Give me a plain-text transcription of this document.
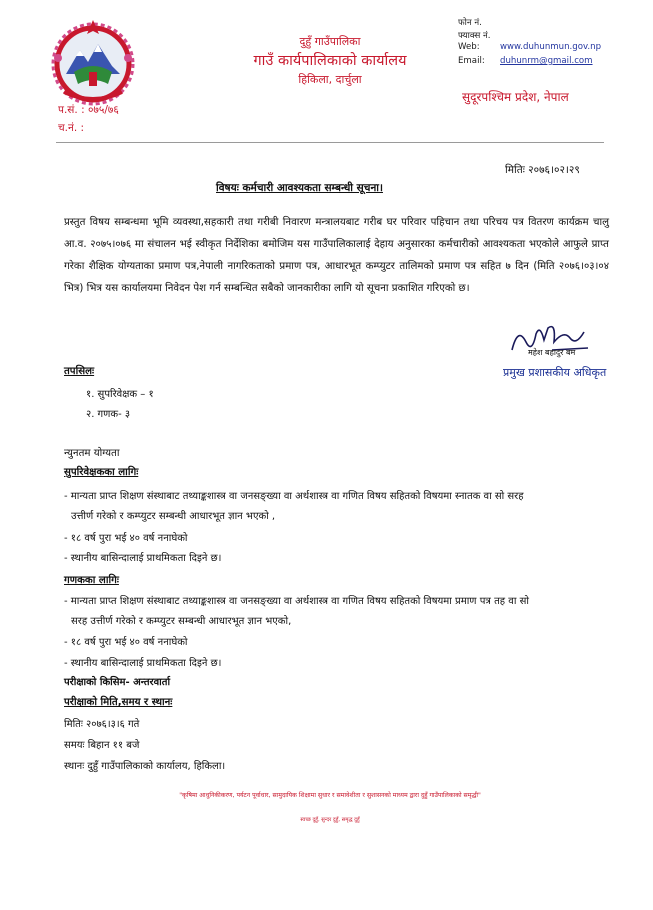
दुहुँ गाउँपालिका
गाउँ कार्यपालिकाको कार्यालय
हिकिला, दार्चुला
फोन नं.
फ्याक्स नं.
Web: www.duhunmun.gov.np
Email: duhunrm@gmail.com
सुदूरपश्चिम प्रदेश, नेपाल
प.सं. : ०७५/७६
च.नं. :
मितिः २०७६।०२।२९
विषयः कर्मचारी आवश्यकता सम्बन्धी सूचना।
प्रस्तुत विषय सम्बन्धमा भूमि व्यवस्था,सहकारी तथा गरीबी निवारण मन्त्रालयबाट गरीब घर परिवार पहिचान तथा परिचय पत्र वितरण कार्यक्रम चालु आ.व. २०७५।०७६ मा संचालन भई स्वीकृत निर्देशिका बमोजिम यस गाउँपालिकालाई देहाय अनुसारका कर्मचारीको आवश्यकता भएकोले आफुले प्राप्त गरेका शैक्षिक योग्यताका प्रमाण पत्र,नेपाली नागरिकताको प्रमाण पत्र, आधारभूत कम्प्युटर तालिमको प्रमाण पत्र सहित ७ दिन (मिति २०७६।०३।०४ भित्र) भित्र यस कार्यालयमा निवेदन पेश गर्न सम्बन्धित सबैको जानकारीका लागि यो सूचना प्रकाशित गरिएको छ।
महेश बहादुर बम
प्रमुख प्रशासकीय अधिकृत
तपसिलः
१. सुपरिवेक्षक – १
२. गणक- ३
न्युनतम योग्यता
सुपरिवेक्षकका लागिः
- मान्यता प्राप्त शिक्षण संस्थाबाट तथ्याङ्कशास्त्र वा जनसङ्ख्या वा अर्थशास्त्र वा गणित विषय सहितको विषयमा स्नातक वा सो सरह
उत्तीर्ण गरेको र कम्प्युटर सम्बन्धी आधारभूत ज्ञान भएको ,
- १८ वर्ष पुरा भई ४० वर्ष ननाघेको
- स्थानीय बासिन्दालाई प्राथमिकता दिइने छ।
गणकका लागिः
- मान्यता प्राप्त शिक्षण संस्थाबाट तथ्याङ्कशास्त्र वा जनसङ्ख्या वा अर्थशास्त्र वा गणित विषय सहितको विषयमा प्रमाण पत्र तह वा सो
सरह उत्तीर्ण गरेको र कम्प्युटर सम्बन्धी आधारभूत ज्ञान भएको,
- १८ वर्ष पुरा भई ४० वर्ष ननाघेको
- स्थानीय बासिन्दालाई प्राथमिकता दिइने छ।
परीक्षाको किसिम- अन्तरवार्ता
परीक्षाको मिति,समय र स्थानः
मितिः २०७६।३।६ गते
समयः बिहान ११ बजे
स्थानः दुहुँ गाउँपालिकाको कार्यालय, हिकिला।
"कृषिमा आधुनिकीकरण, पर्यटन पूर्वाधार, सामुदायिक शिक्षामा सुधार र समावेशीता र सुशासनको माध्यम द्वारा दुहुँ गाउँपालिकाको समृद्धी"
स्वच्छ दुहुँ, सुन्दर दुहुँ, समृद्ध दुहुँ
